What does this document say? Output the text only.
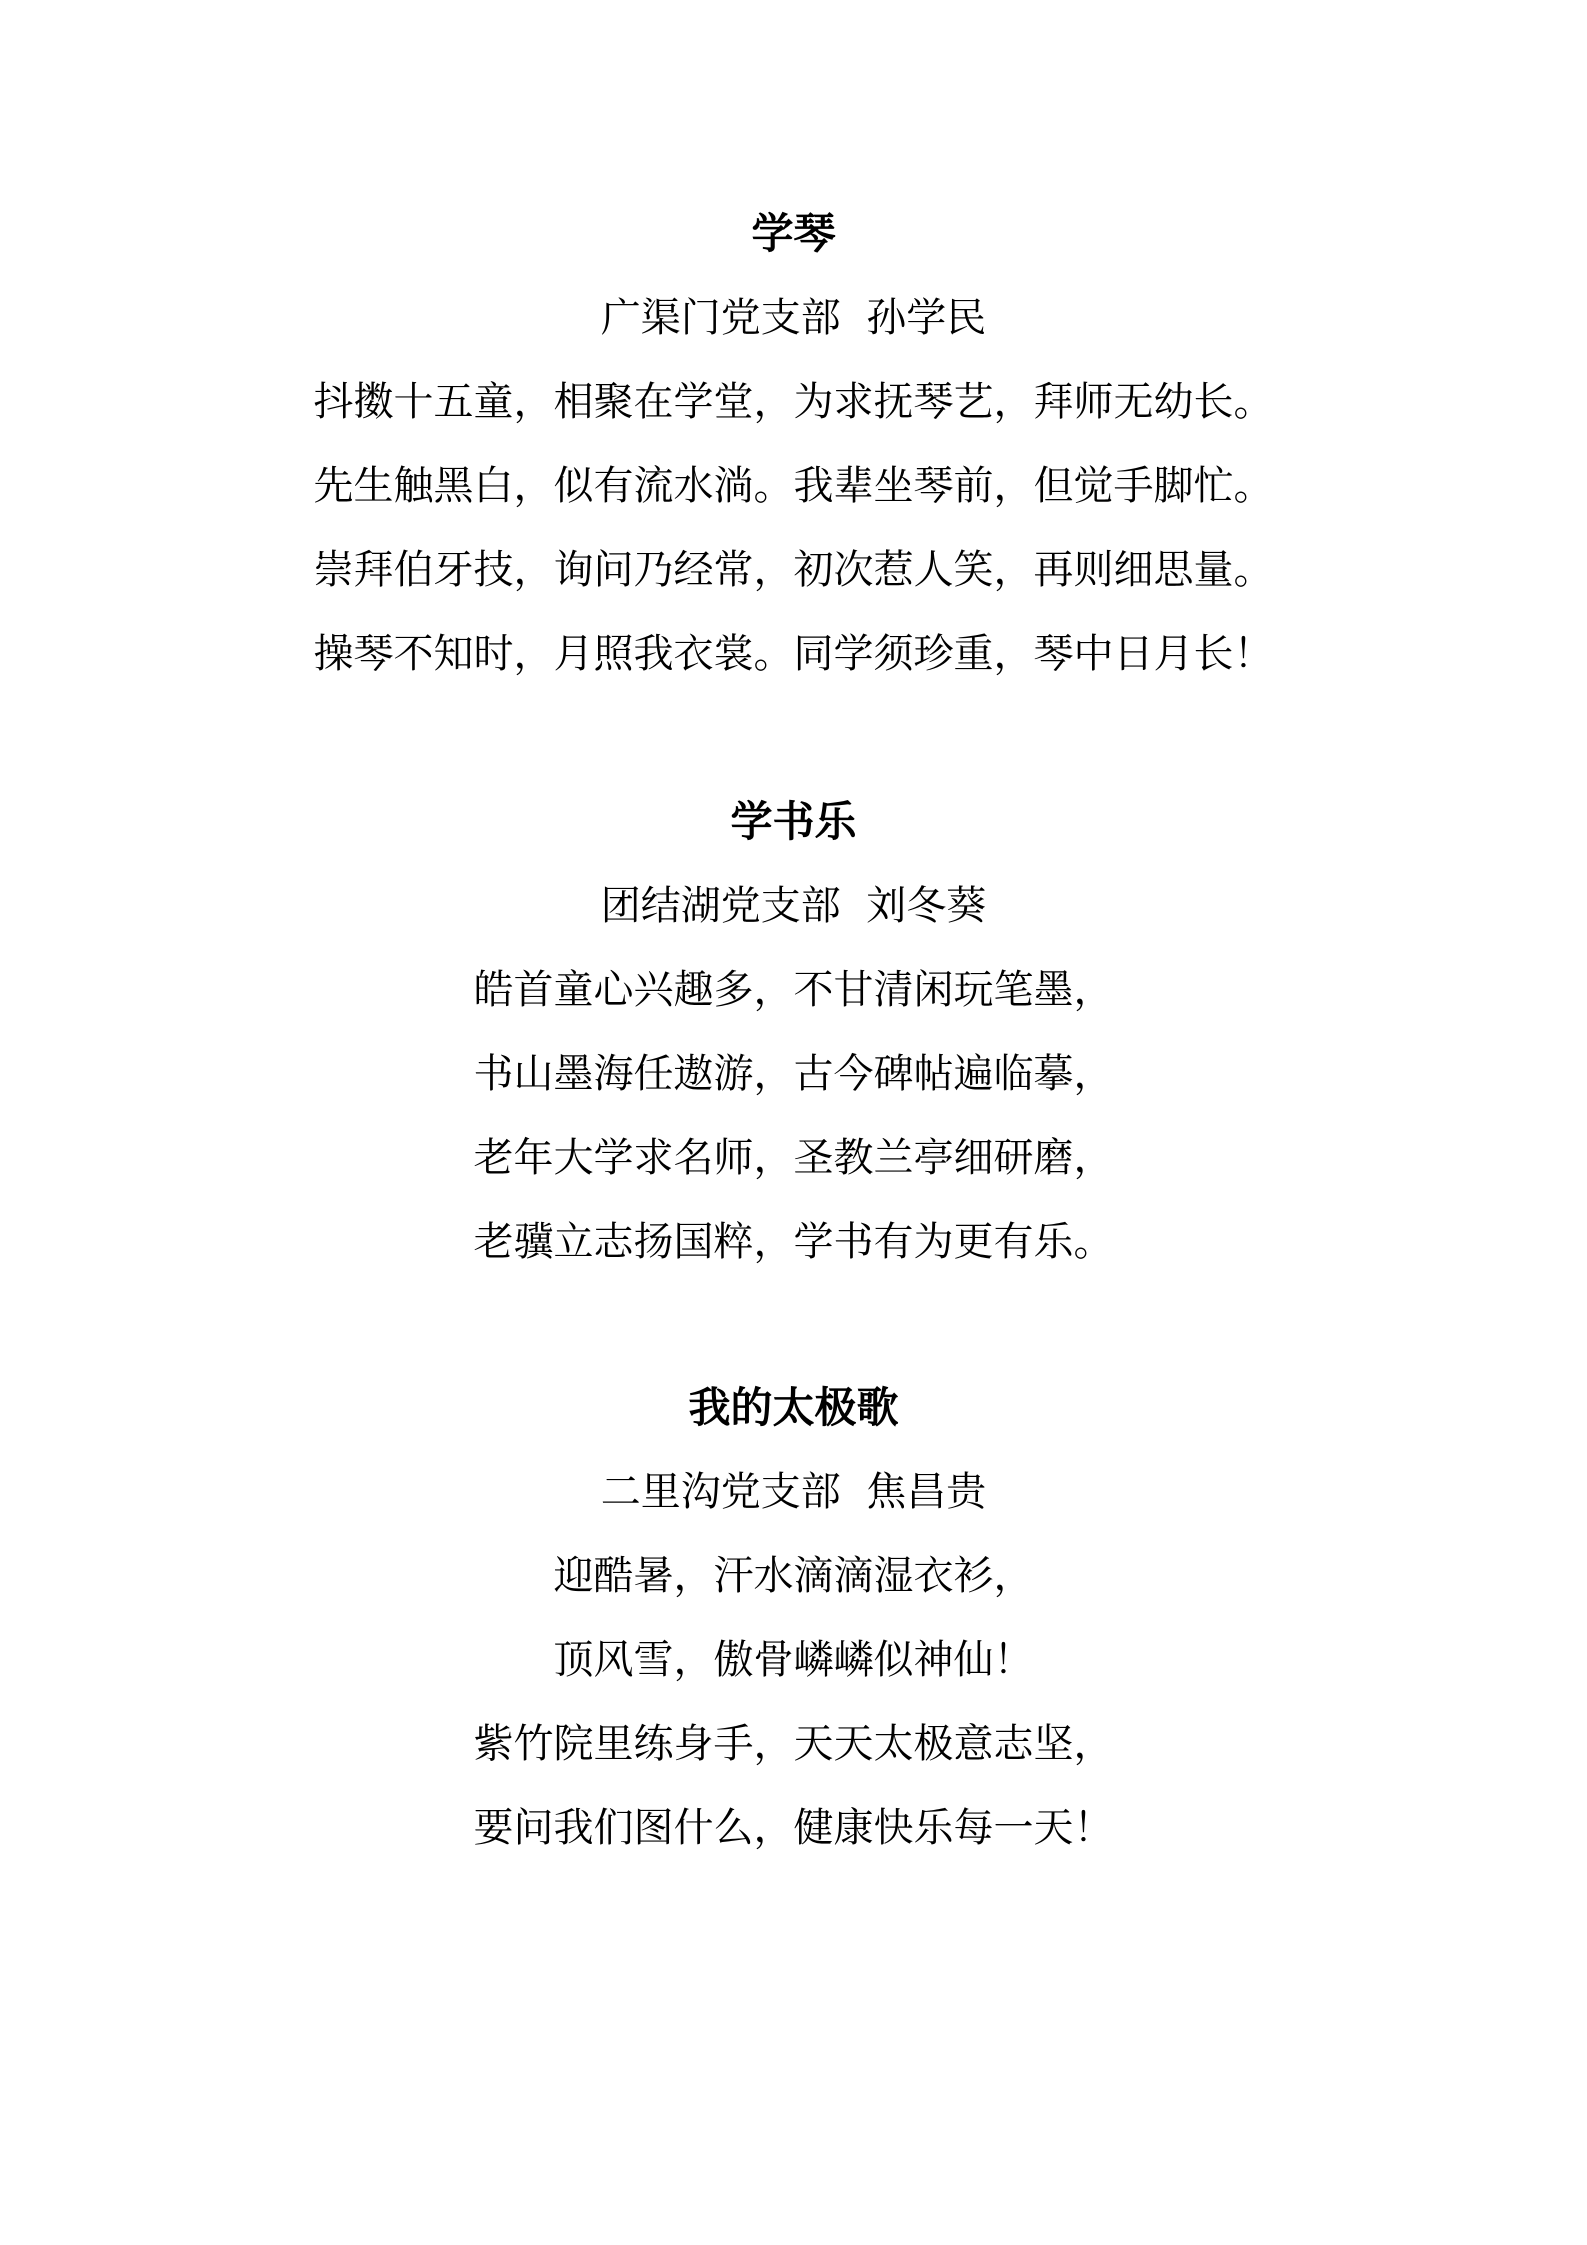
学琴

广渠门党支部  孙学民

抖擞十五童，相聚在学堂，为求抚琴艺，拜师无幼长。

先生触黑白，似有流水淌。我辈坐琴前，但觉手脚忙。

崇拜伯牙技，询问乃经常，初次惹人笑，再则细思量。

操琴不知时，月照我衣裳。同学须珍重，琴中日月长！

学书乐

团结湖党支部  刘冬葵

皓首童心兴趣多，不甘清闲玩笔墨，

书山墨海任遨游，古今碑帖遍临摹，

老年大学求名师，圣教兰亭细研磨，

老骥立志扬国粹，学书有为更有乐。

我的太极歌

二里沟党支部  焦昌贵

迎酷暑，汗水滴滴湿衣衫，

顶风雪，傲骨嶙嶙似神仙！

紫竹院里练身手，天天太极意志坚，

要问我们图什么，健康快乐每一天！
